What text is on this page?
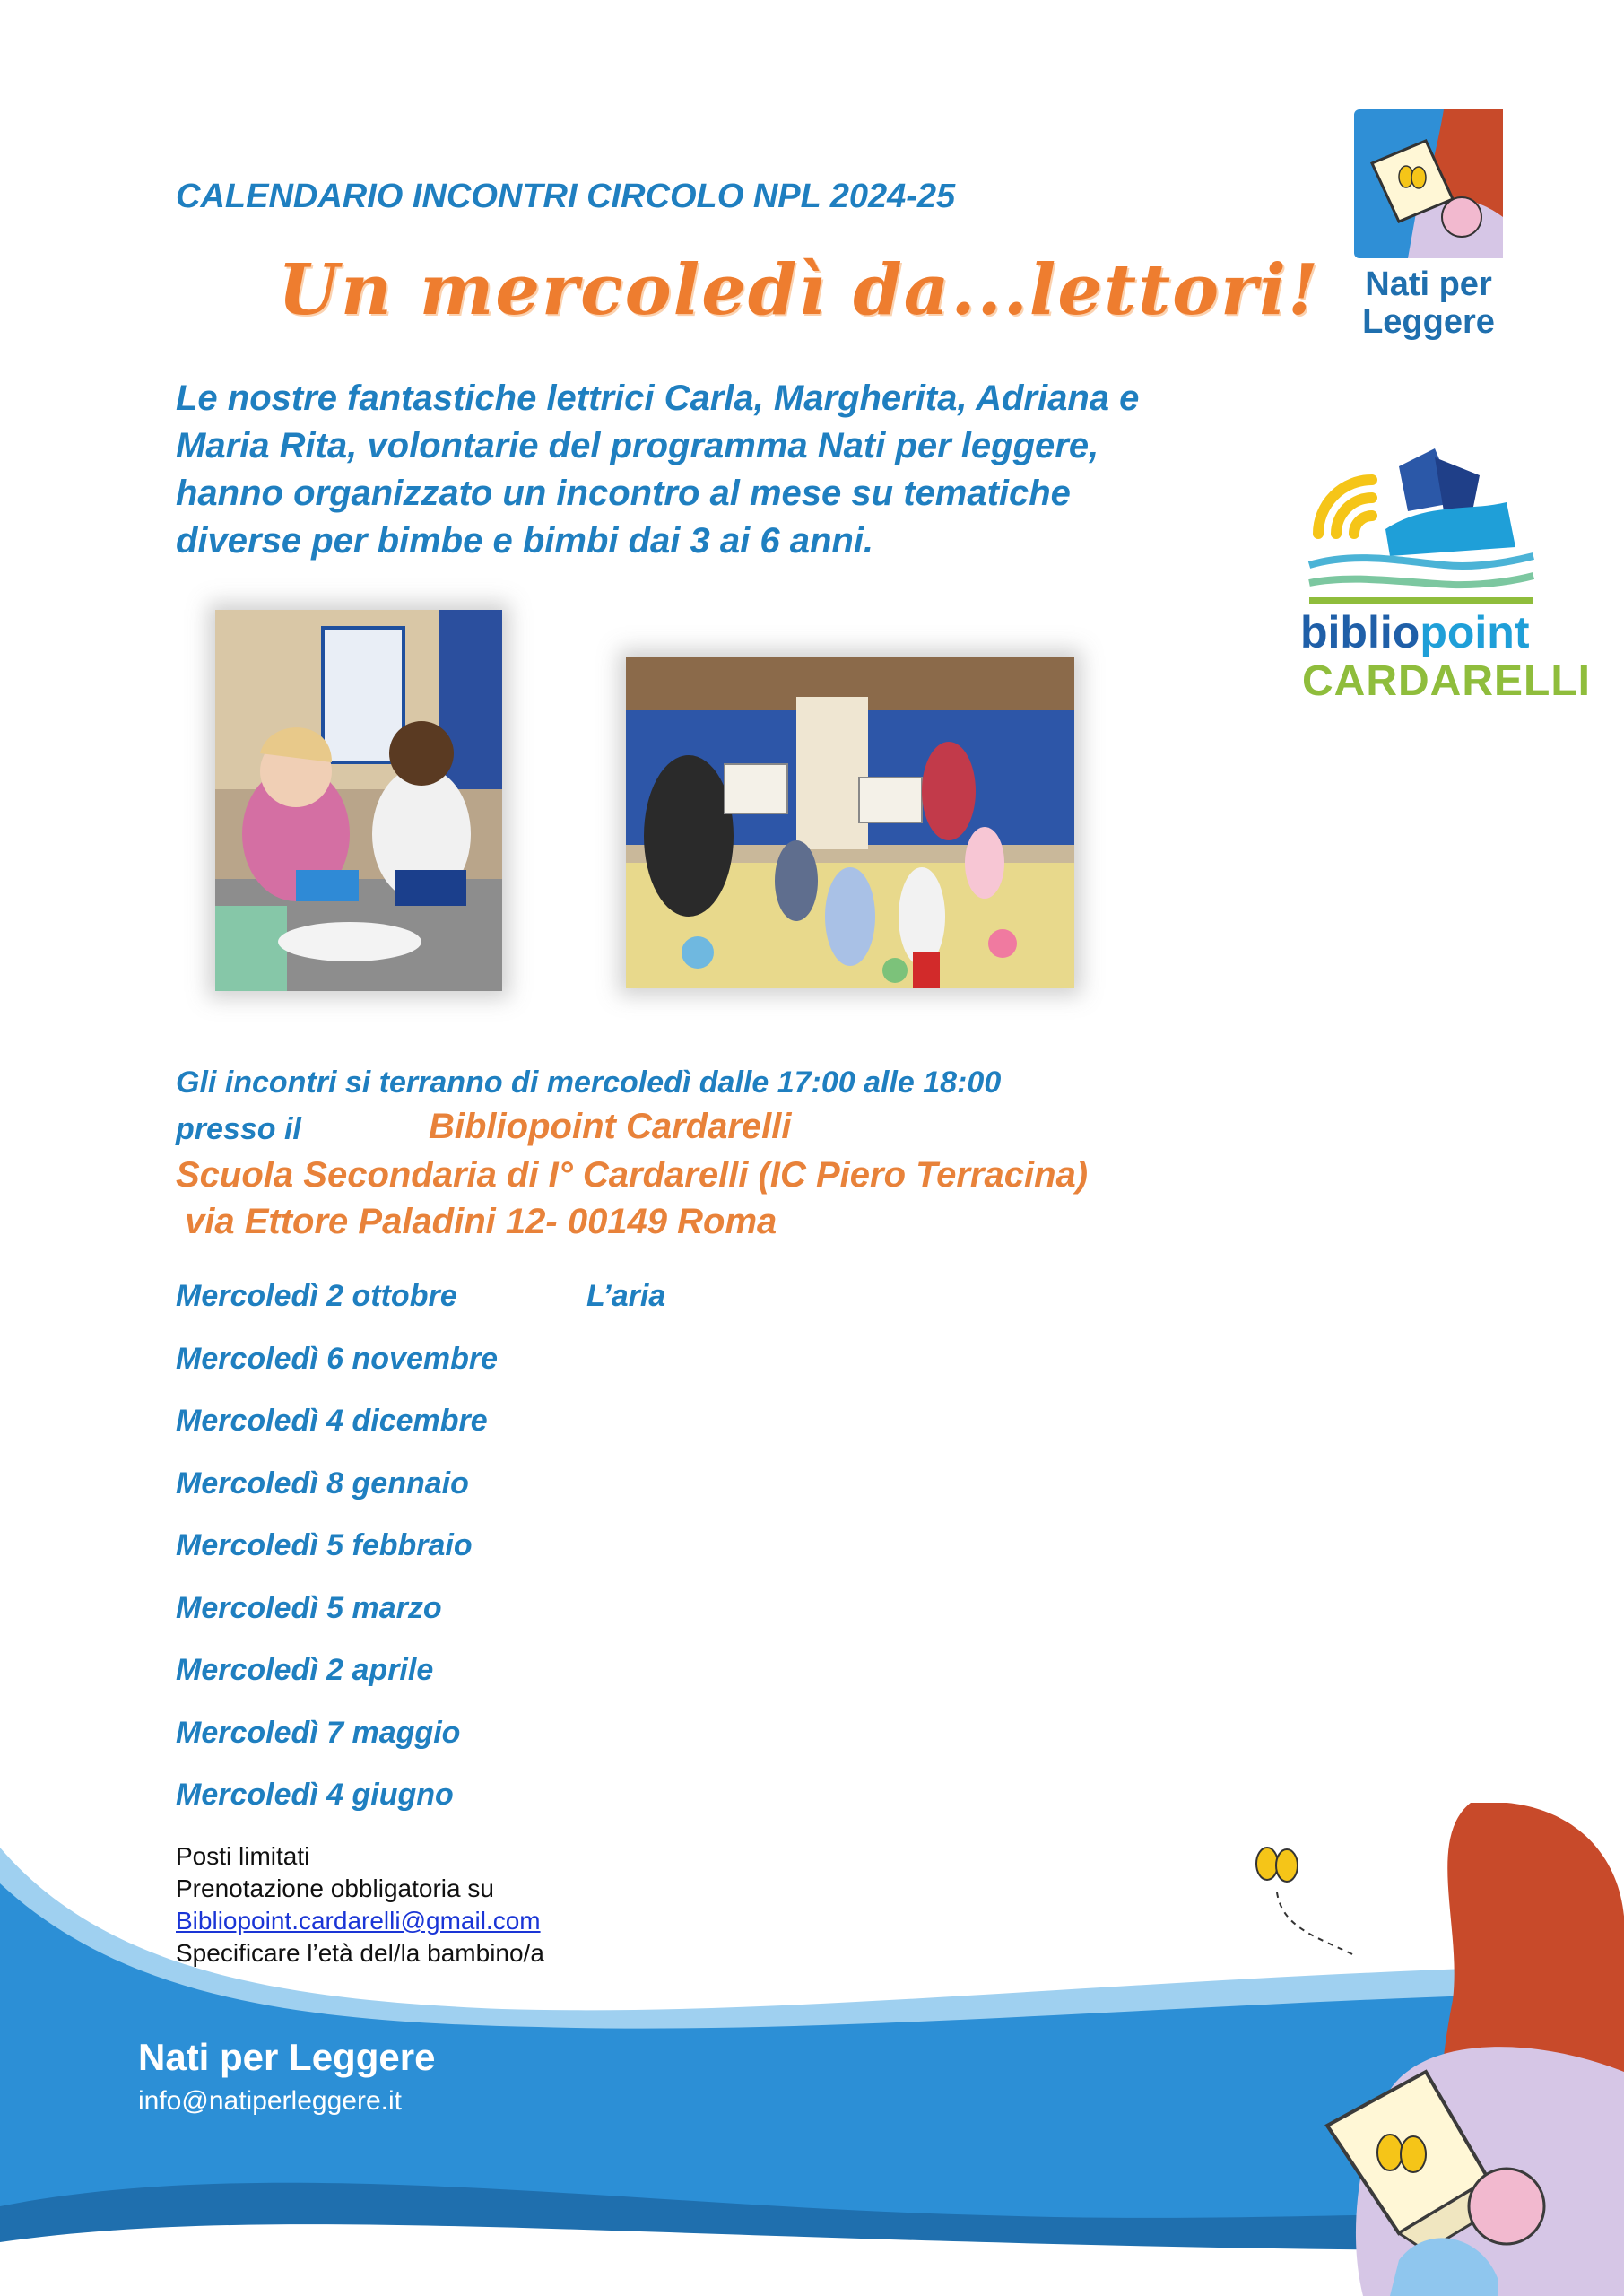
CALENDARIO INCONTRI CIRCOLO NPL 2024-25
Un mercoledì da...lettori!

Le nostre fantastiche lettrici Carla, Margherita, Adriana e

Maria Rita, volontarie del programma Nati per leggere,

hanno organizzato un incontro al mese su tematiche

diverse per bimbe e bimbi dai 3 ai 6 anni.

Gli incontri si terranno di mercoledì dalle 17:00 alle 18:00
presso il	Bibliopoint Cardarelli
Scuola Secondaria di I° Cardarelli (IC Piero Terracina)
via Ettore Paladini 12- 00149 Roma
Mercoledì 2 ottobre	L’aria
Mercoledì 6 novembre
Mercoledì 4 dicembre
Mercoledì 8 gennaio
Mercoledì 5 febbraio
Mercoledì 5 marzo
Mercoledì 2 aprile
Mercoledì 7 maggio
Mercoledì 4 giugno
Posti limitati
Prenotazione obbligatoria su
Bibliopoint.cardarelli@gmail.com
Specificare l’età del/la bambino/a
Nati per Leggere
info@natiperleggere.it
Nati per
Leggere
bibliopoint
CARDARELLI
